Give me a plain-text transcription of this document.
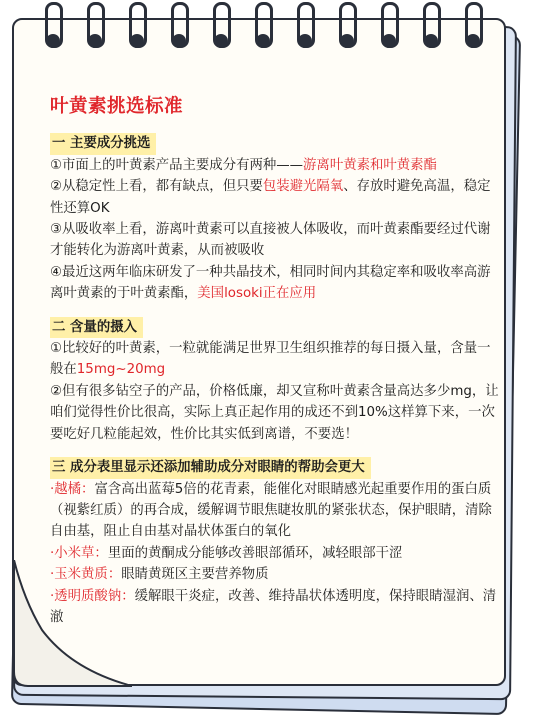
叶黄素挑选标准
一 主要成分挑选

①市面上的叶黄素产品主要成分有两种——游离叶黄素和叶黄素酯

②从稳定性上看，都有缺点，但只要包装避光隔氧、存放时避免高温，稳定性还算OK

③从吸收率上看，游离叶黄素可以直接被人体吸收，而叶黄素酯要经过代谢才能转化为游离叶黄素，从而被吸收

④最近这两年临床研发了一种共晶技术，相同时间内其稳定率和吸收率高游离叶黄素的于叶黄素酯，美国losoki正在应用

二 含量的摄入

①比较好的叶黄素，一粒就能满足世界卫生组织推荐的每日摄入量，含量一般在15mg~20mg

②但有很多钻空子的产品，价格低廉，却又宣称叶黄素含量高达多少mg，让咱们觉得性价比很高，实际上真正起作用的成还不到10%这样算下来，一次要吃好几粒能起效，性价比其实低到离谱，不要选！

三 成分表里显示还添加辅助成分对眼睛的帮助会更大

·越橘：富含高出蓝莓5倍的花青素，能催化对眼睛感光起重要作用的蛋白质（视紫红质）的再合成，缓解调节眼焦睫妆肌的紧张状态，保护眼睛，清除自由基，阻止自由基对晶状体蛋白的氧化

·小米草：里面的黄酮成分能够改善眼部循环，减轻眼部干涩

·玉米黄质：眼睛黄斑区主要营养物质

·透明质酸钠：缓解眼干炎症，改善、维持晶状体透明度，保持眼睛湿润、清澈
